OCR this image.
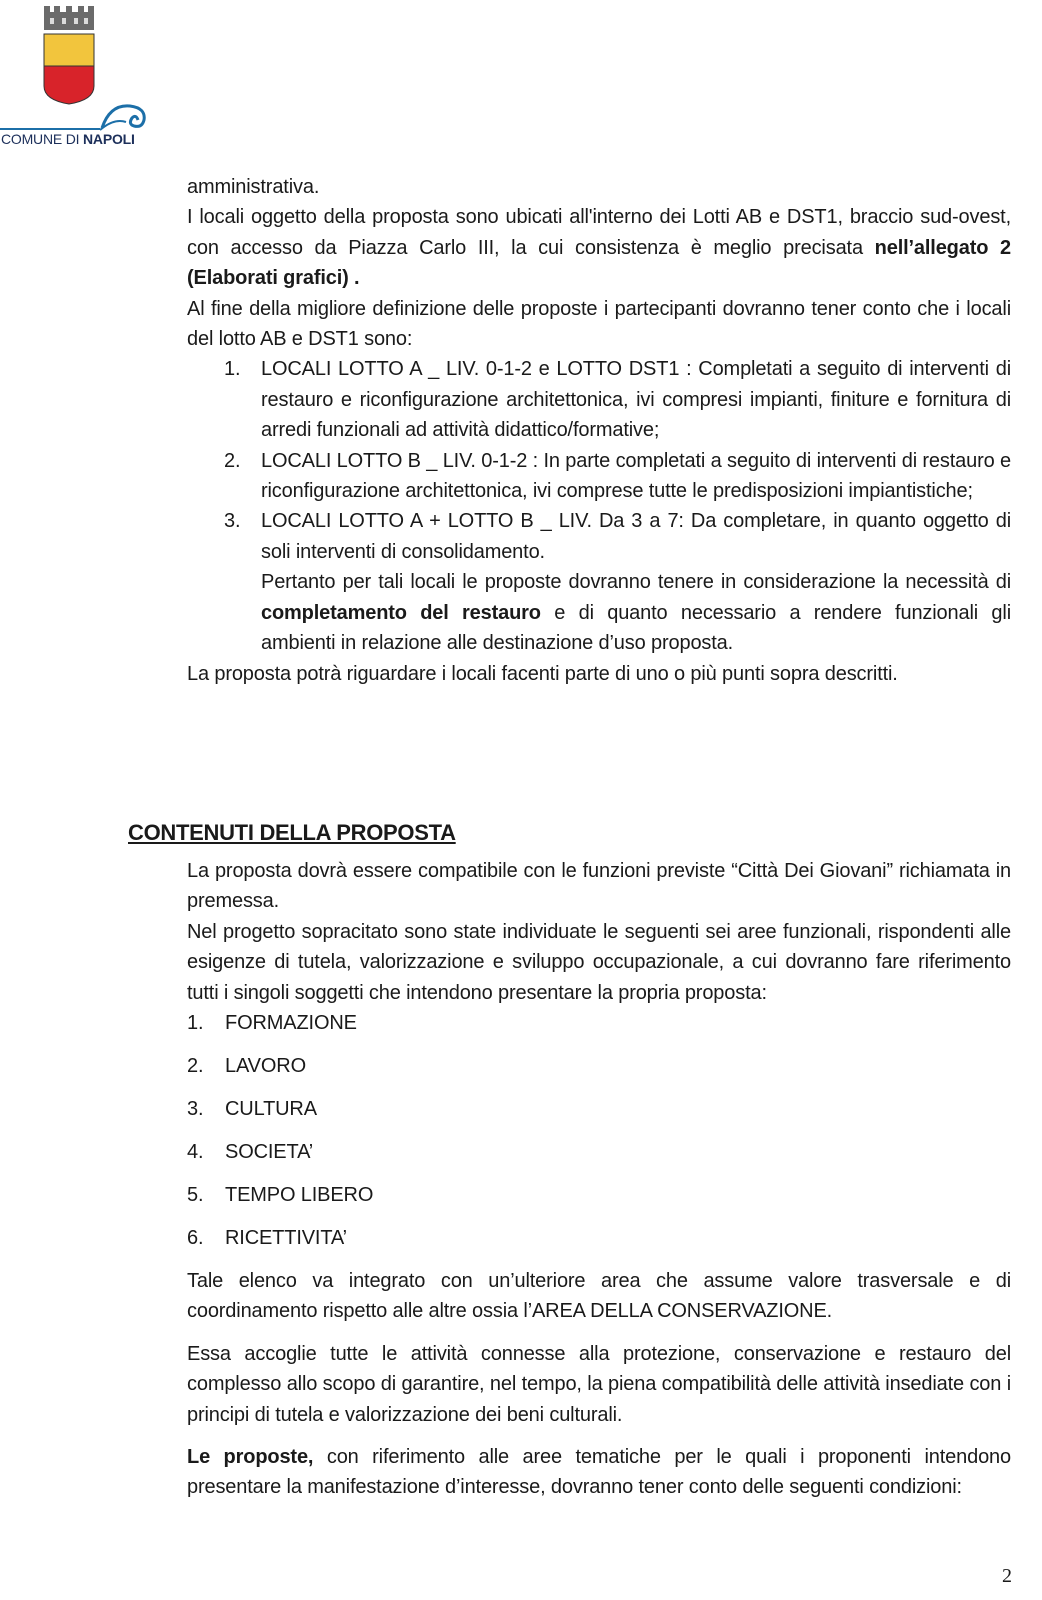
COMUNE DI NAPOLI

amministrativa.

I locali oggetto della proposta sono ubicati all'interno dei Lotti AB e DST1, braccio sud-ovest, con accesso da Piazza Carlo III, la cui consistenza è meglio precisata nell’allegato 2 (Elaborati grafici) .

Al fine della migliore definizione delle proposte i partecipanti dovranno tener conto che i locali del lotto AB e DST1 sono:

1. LOCALI LOTTO A _ LIV. 0-1-2 e LOTTO DST1 : Completati a seguito di interventi di restauro e riconfigurazione architettonica, ivi compresi impianti, finiture e fornitura di arredi funzionali ad attività didattico/formative;
2. LOCALI LOTTO B _ LIV. 0-1-2 : In parte completati a seguito di interventi di restauro e riconfigurazione architettonica, ivi comprese tutte le predisposizioni impiantistiche;
3. LOCALI LOTTO A + LOTTO B _ LIV. Da 3 a 7: Da completare, in quanto oggetto di soli interventi di consolidamento.

Pertanto per tali locali le proposte dovranno tenere in considerazione la necessità di completamento del restauro e di quanto necessario a rendere funzionali gli ambienti in relazione alle destinazione d’uso proposta.

La proposta potrà riguardare i locali facenti parte di uno o più punti sopra descritti.

CONTENUTI DELLA PROPOSTA

La proposta dovrà essere compatibile con le funzioni previste “Città Dei Giovani” richiamata in premessa.

Nel progetto sopracitato sono state individuate le seguenti sei aree funzionali, rispondenti alle esigenze di tutela, valorizzazione e sviluppo occupazionale, a cui dovranno fare riferimento tutti i singoli soggetti che intendono presentare la propria proposta:

1. FORMAZIONE
2. LAVORO
3. CULTURA
4. SOCIETA’
5. TEMPO LIBERO
6. RICETTIVITA’

Tale elenco va integrato con un’ulteriore area che assume valore trasversale e di coordinamento rispetto alle altre ossia l’AREA DELLA CONSERVAZIONE.

Essa accoglie tutte le attività connesse alla protezione, conservazione e restauro del complesso allo scopo di garantire, nel tempo, la piena compatibilità delle attività insediate con i principi di tutela e valorizzazione dei beni culturali.

Le proposte, con riferimento alle aree tematiche per le quali i proponenti intendono presentare la manifestazione d’interesse, dovranno tener conto delle seguenti condizioni:

2
